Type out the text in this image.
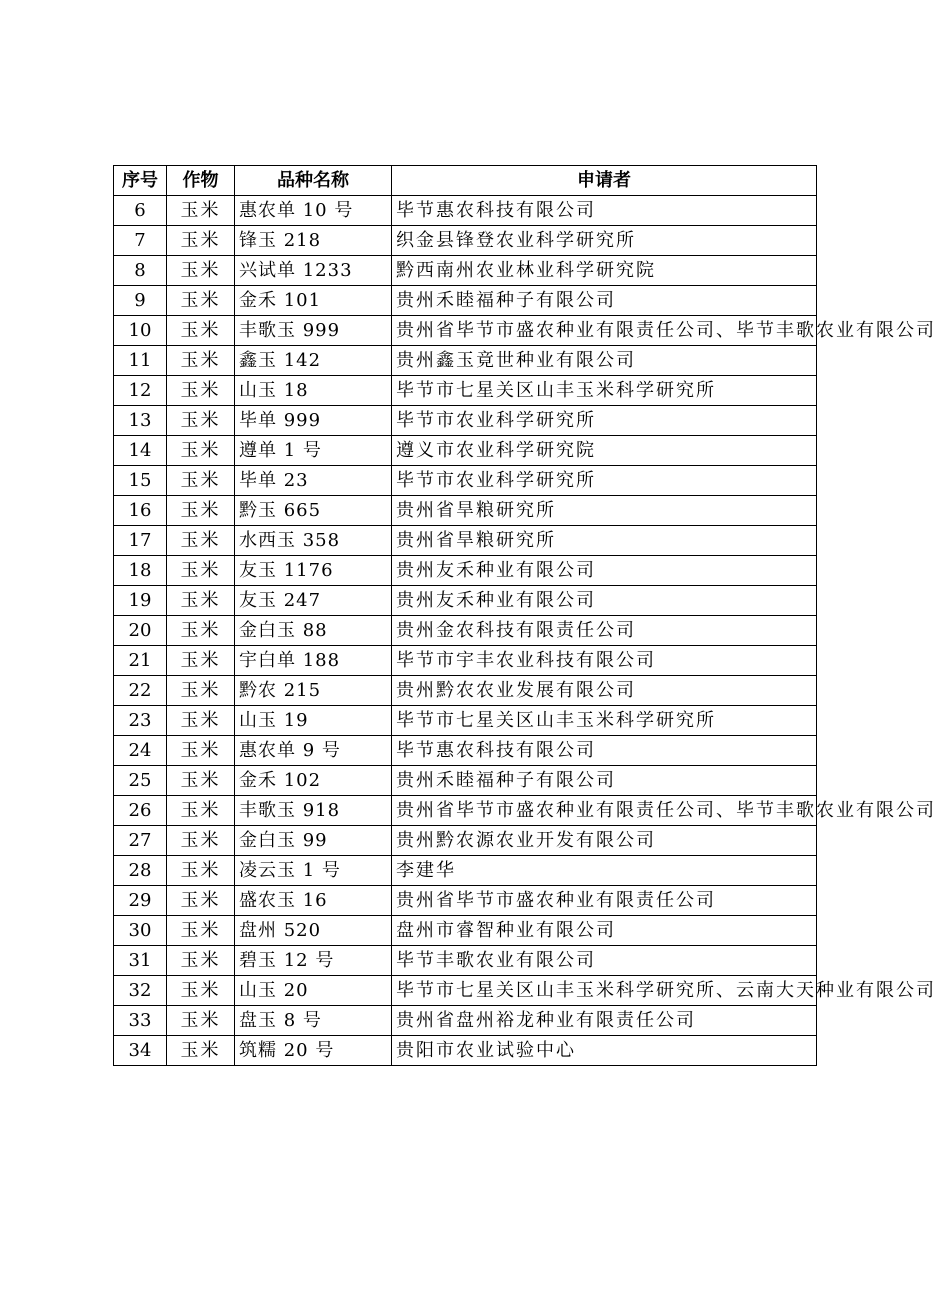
序号	作物	品种名称	申请者
6	玉米	惠农单 10 号	毕节惠农科技有限公司
7	玉米	锋玉 218	织金县锋登农业科学研究所
8	玉米	兴试单 1233	黔西南州农业林业科学研究院
9	玉米	金禾 101	贵州禾睦福种子有限公司
10	玉米	丰歌玉 999	贵州省毕节市盛农种业有限责任公司、毕节丰歌农业有限公司
11	玉米	鑫玉 142	贵州鑫玉竟世种业有限公司
12	玉米	山玉 18	毕节市七星关区山丰玉米科学研究所
13	玉米	毕单 999	毕节市农业科学研究所
14	玉米	遵单 1 号	遵义市农业科学研究院
15	玉米	毕单 23	毕节市农业科学研究所
16	玉米	黔玉 665	贵州省旱粮研究所
17	玉米	水西玉 358	贵州省旱粮研究所
18	玉米	友玉 1176	贵州友禾种业有限公司
19	玉米	友玉 247	贵州友禾种业有限公司
20	玉米	金白玉 88	贵州金农科技有限责任公司
21	玉米	宇白单 188	毕节市宇丰农业科技有限公司
22	玉米	黔农 215	贵州黔农农业发展有限公司
23	玉米	山玉 19	毕节市七星关区山丰玉米科学研究所
24	玉米	惠农单 9 号	毕节惠农科技有限公司
25	玉米	金禾 102	贵州禾睦福种子有限公司
26	玉米	丰歌玉 918	贵州省毕节市盛农种业有限责任公司、毕节丰歌农业有限公司
27	玉米	金白玉 99	贵州黔农源农业开发有限公司
28	玉米	凌云玉 1 号	李建华
29	玉米	盛农玉 16	贵州省毕节市盛农种业有限责任公司
30	玉米	盘州 520	盘州市睿智种业有限公司
31	玉米	碧玉 12 号	毕节丰歌农业有限公司
32	玉米	山玉 20	毕节市七星关区山丰玉米科学研究所、云南大天种业有限公司
33	玉米	盘玉 8 号	贵州省盘州裕龙种业有限责任公司
34	玉米	筑糯 20 号	贵阳市农业试验中心
